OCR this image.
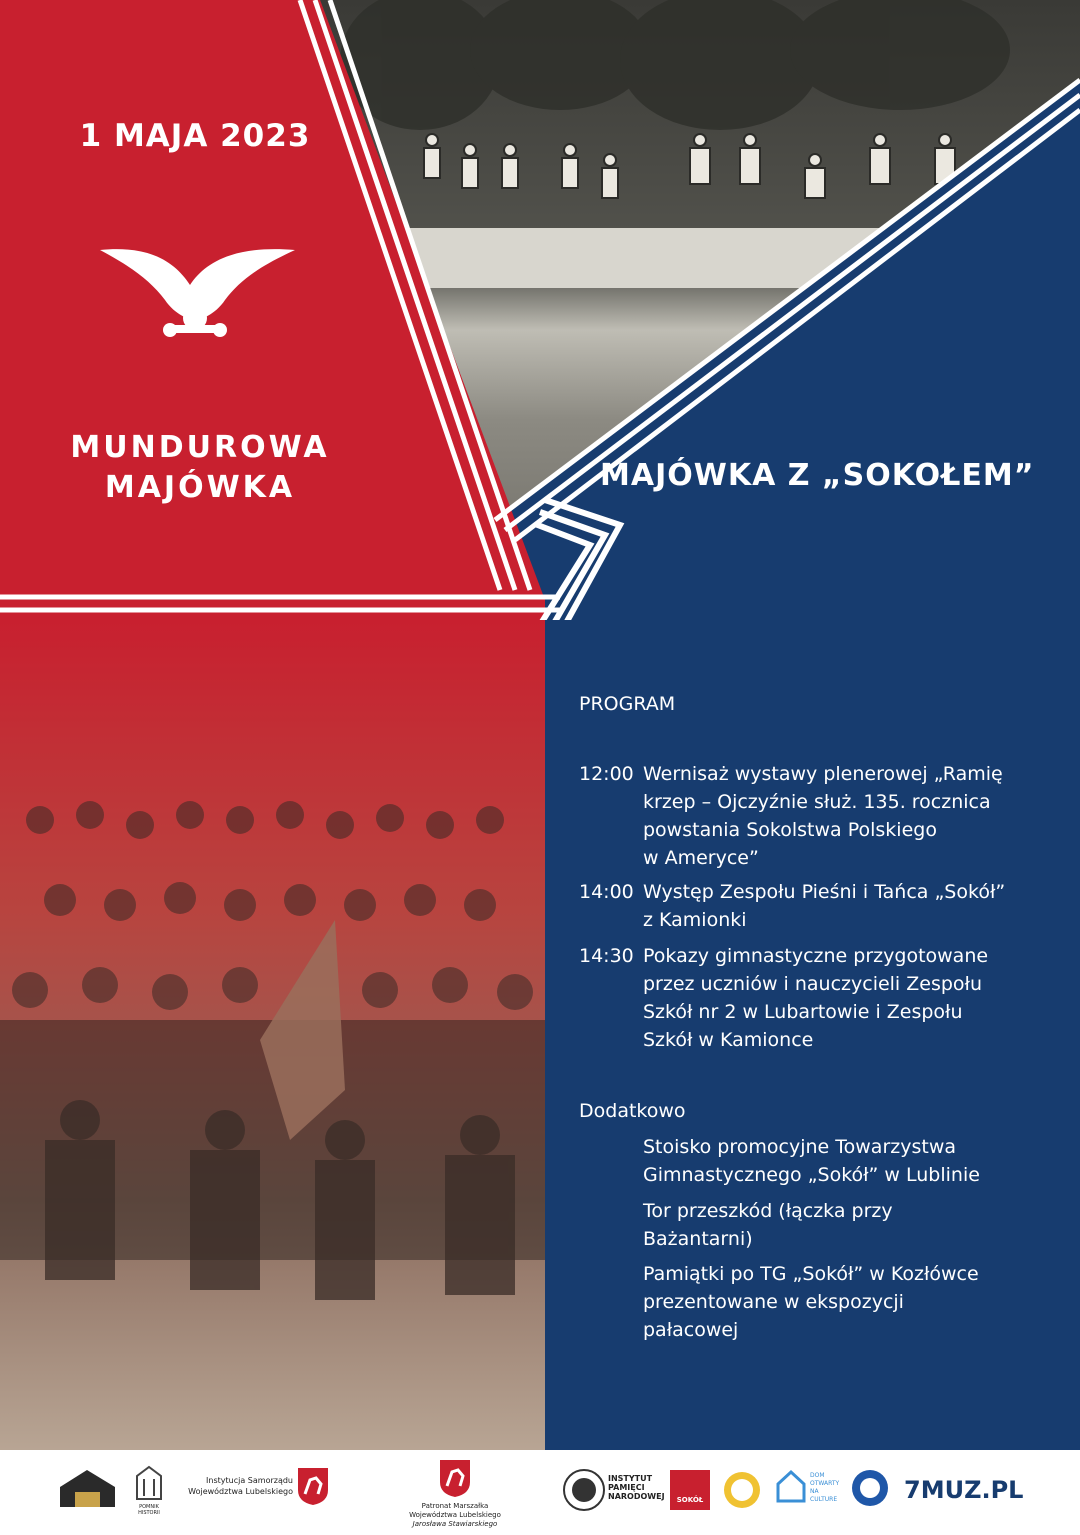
1 MAJA 2023
MUNDUROWA
MAJÓWKA	MAJÓWKA Z „SOKOŁEM”
PROGRAM
12:00 Wernisaż wystawy plenerowej „Ramię
krzep – Ojczyźnie służ. 135. rocznica
powstania Sokolstwa Polskiego
w Ameryce”
14:00 Występ Zespołu Pieśni i Tańca „Sokół”
z Kamionki
14:30 Pokazy gimnastyczne przygotowane
przez uczniów i nauczycieli Zespołu
Szkół nr 2 w Lubartowie i Zespołu
Szkół w Kamionce
Dodatkowo
Stoisko promocyjne Towarzystwa
Gimnastycznego „Sokół” w Lublinie
Tor przeszkód (łączka przy
Bażantarni)
Pamiątki po TG „Sokół” w Kozłówce
prezentowane w ekspozycji
pałacowej
POMNIK HISTORII
Instytucja Samorządu
Województwa Lubelskiego
Patronat Marszałka
Województwa Lubelskiego
Jarosława Stawiarskiego
INSTYTUT
PAMIĘCI
NARODOWEJ	SOKÓŁ
DOM OTWARTY NA CULTURE	7MUZ.PL
